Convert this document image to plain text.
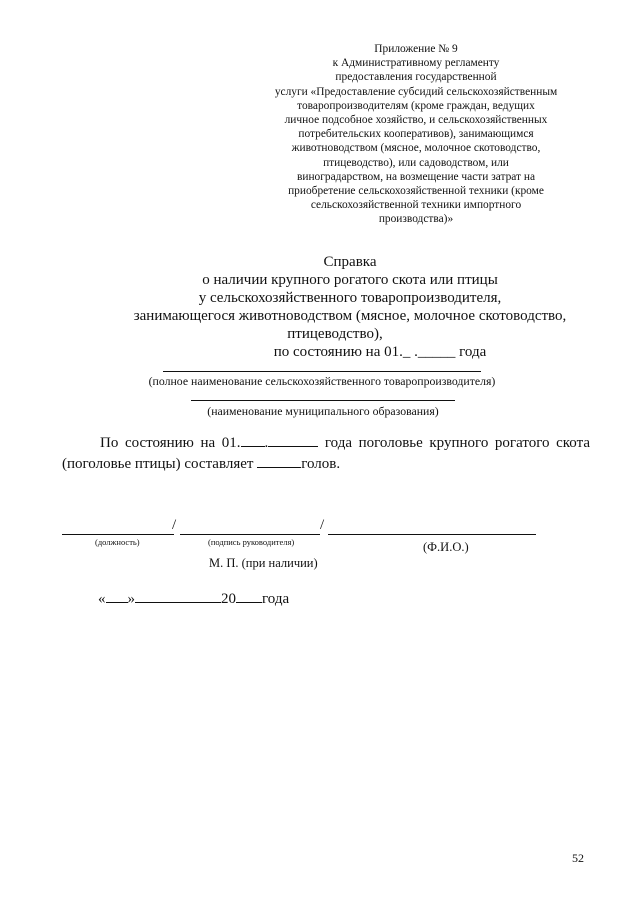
Приложение № 9
к Административному регламенту
предоставления государственной
услуги «Предоставление субсидий сельскохозяйственным
товаропроизводителям (кроме граждан, ведущих
личное подсобное хозяйство, и сельскохозяйственных
потребительских кооперативов), занимающимся
животноводством (мясное, молочное скотоводство,
птицеводство), или садоводством, или
виноградарством, на возмещение части затрат на
приобретение сельскохозяйственной техники (кроме
сельскохозяйственной техники импортного
производства)»
Справка
о наличии крупного рогатого скота или птицы
у сельскохозяйственного товаропроизводителя,
занимающегося животноводством (мясное, молочное скотоводство,
птицеводство),
по состоянию на 01._ ._____ года
(полное наименование сельскохозяйственного товаропроизводителя)
(наименование муниципального образования)

По состоянию на 01. .	года поголовье крупного рогатого скота (поголовье птицы) составляет	голов.

/	/
(должность)	(подпись руководителя)	(Ф.И.О.)
М. П. (при наличии)
« »	20 года
52
